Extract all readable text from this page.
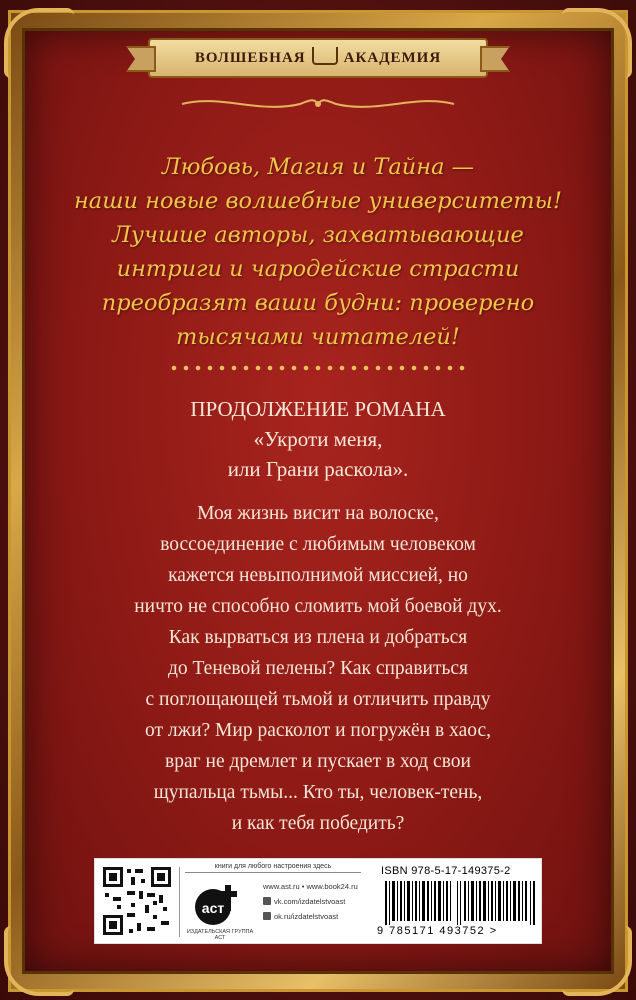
ВОЛШЕБНАЯ	АКАДЕМИЯ
Любовь, Магия и Тайна —
наши новые волшебные университеты!
Лучшие авторы, захватывающие
интриги и чародейские страсти
преобразят ваши будни: проверено
тысячами читателей!
ПРОДОЛЖЕНИЕ РОМАНА
«Укроти меня,
или Грани раскола».
Моя жизнь висит на волоске,
воссоединение с любимым человеком
кажется невыполнимой миссией, но
ничто не способно сломить мой боевой дух.
Как вырваться из плена и добраться
до Теневой пелены? Как справиться
с поглощающей тьмой и отличить правду
от лжи? Мир расколот и погружён в хаос,
враг не дремлет и пускает в ход свои
щупальца тьмы... Кто ты, человек-тень,
и как тебя победить?
книги для любого настроения здесь
аст
ИЗДАТЕЛЬСКАЯ ГРУППА АСТ
www.ast.ru • www.book24.ru
vk.com/izdatelstvoast
ok.ru/izdatelstvoast
ISBN 978-5-17-149375-2
9 785171 493752 >
